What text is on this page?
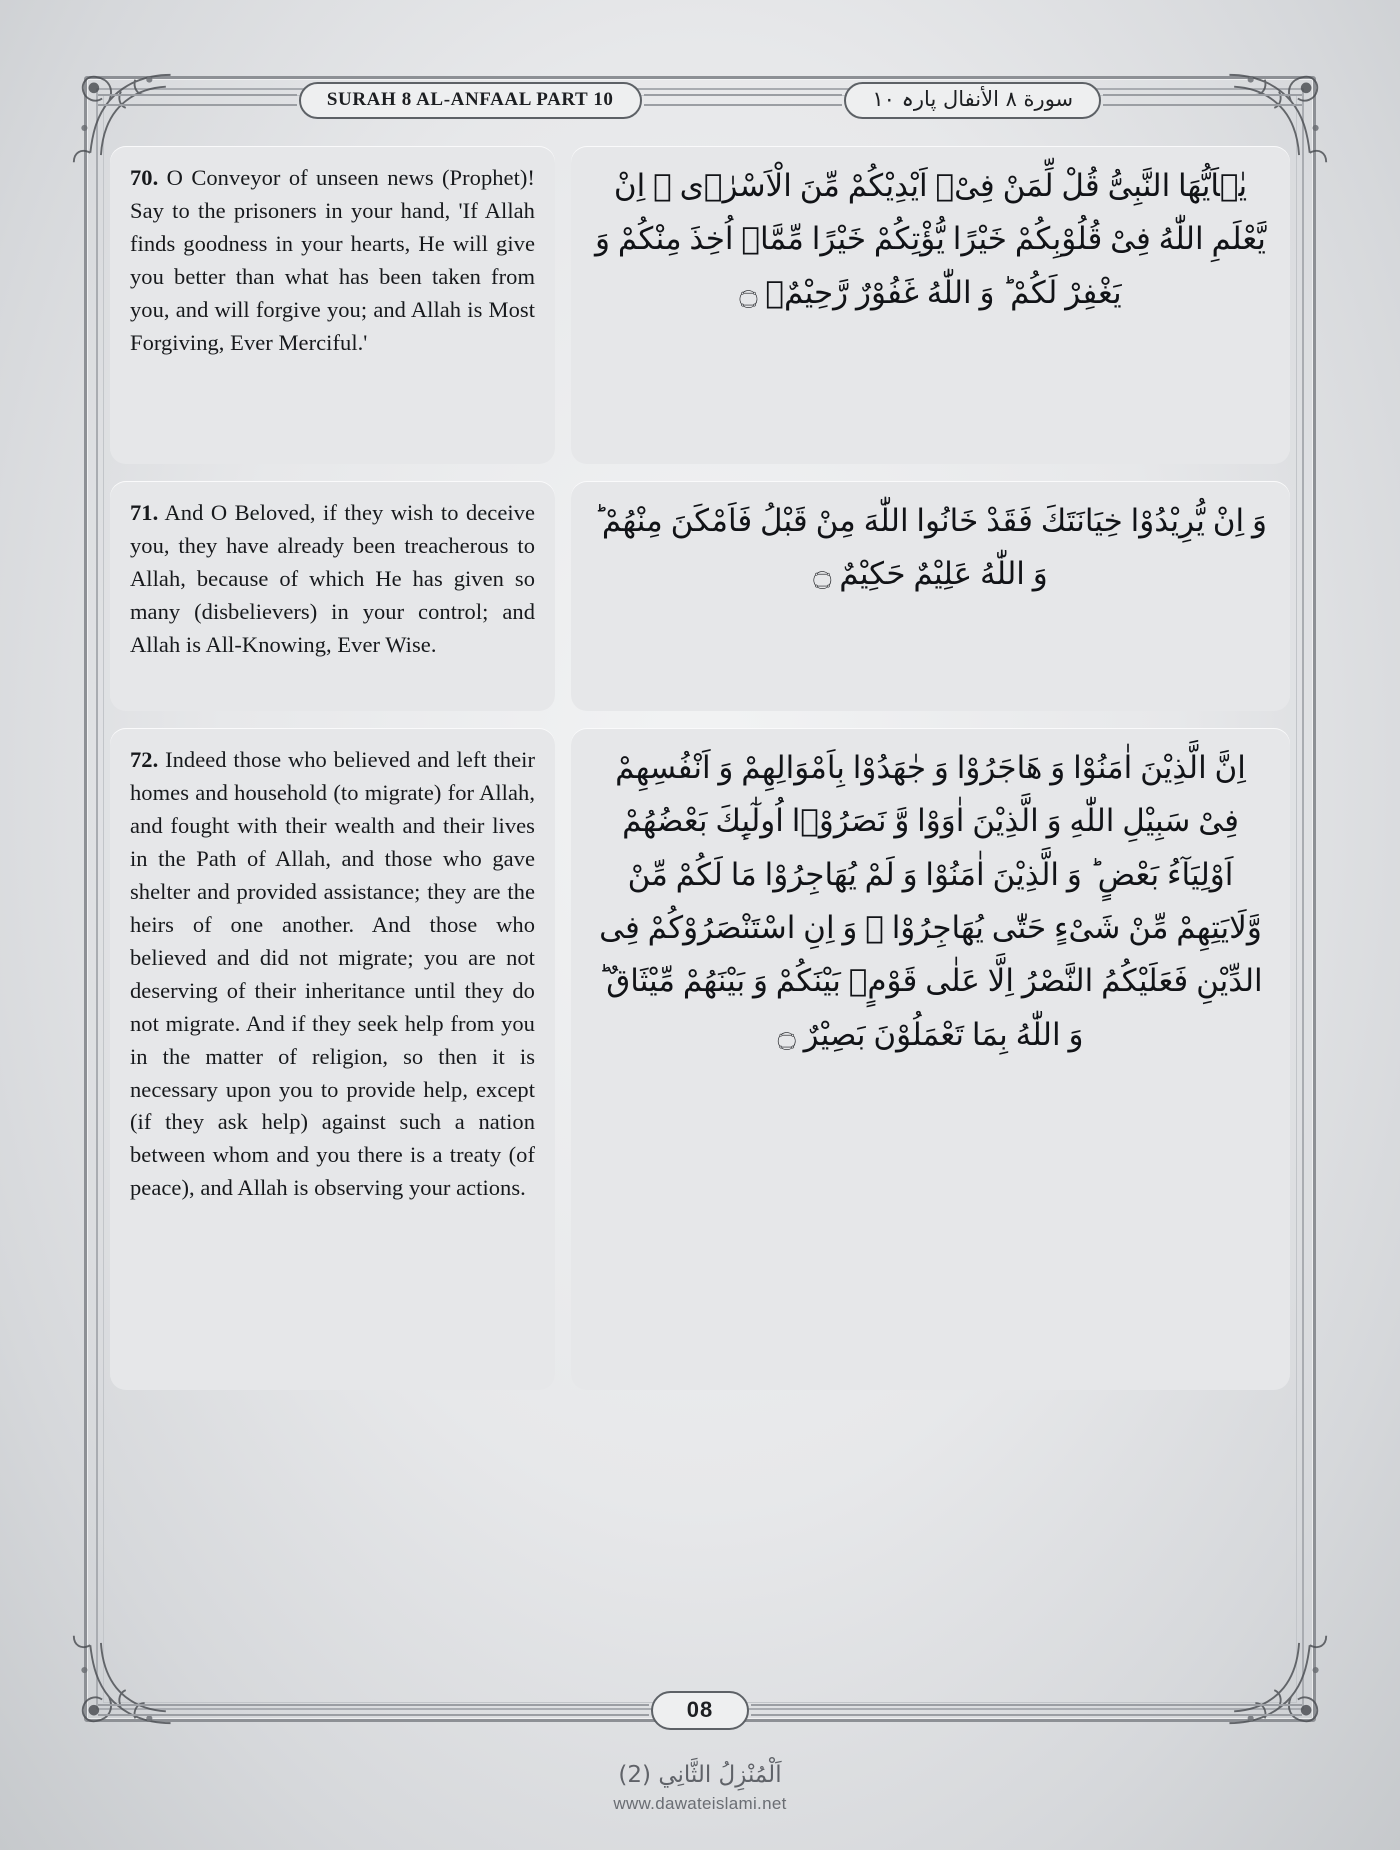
SURAH 8 AL-ANFAAL PART 10	سورة ٨ الأنفال پارہ ١٠
70. O Conveyor of unseen news (Prophet)! Say to the prisoners in your hand, 'If Allah finds goodness in your hearts, He will give you better than what has been taken from you, and will forgive you; and Allah is Most Forgiving, Ever Merciful.'
یٰۤاَیُّهَا النَّبِیُّ قُلْ لِّمَنْ فِیْۤ اَیْدِیْكُمْ مِّنَ الْاَسْرٰۤى ۙ اِنْ یَّعْلَمِ اللّٰهُ فِیْ قُلُوْبِكُمْ خَیْرًا یُّؤْتِكُمْ خَیْرًا مِّمَّاۤ اُخِذَ مِنْكُمْ وَ یَغْفِرْ لَكُمْ ؕ وَ اللّٰهُ غَفُوْرٌ رَّحِیْمٌ۠ ۝
71. And O Beloved, if they wish to deceive you, they have already been treacherous to Allah, because of which He has given so many (disbelievers) in your control; and Allah is All-Knowing, Ever Wise.
وَ اِنْ یُّرِیْدُوْا خِیَانَتَكَ فَقَدْ خَانُوا اللّٰهَ مِنْ قَبْلُ فَاَمْكَنَ مِنْهُمْ ؕ وَ اللّٰهُ عَلِیْمٌ حَكِیْمٌ ۝
72. Indeed those who believed and left their homes and household (to migrate) for Allah, and fought with their wealth and their lives in the Path of Allah, and those who gave shelter and provided assistance; they are the heirs of one another. And those who believed and did not migrate; you are not deserving of their inheritance until they do not migrate. And if they seek help from you in the matter of religion, so then it is necessary upon you to provide help, except (if they ask help) against such a nation between whom and you there is a treaty (of peace), and Allah is observing your actions.
اِنَّ الَّذِیْنَ اٰمَنُوْا وَ هَاجَرُوْا وَ جٰهَدُوْا بِاَمْوَالِهِمْ وَ اَنْفُسِهِمْ فِیْ سَبِیْلِ اللّٰهِ وَ الَّذِیْنَ اٰوَوْا وَّ نَصَرُوْۤا اُولٰٓىِٕكَ بَعْضُهُمْ اَوْلِیَآءُ بَعْضٍ ؕ وَ الَّذِیْنَ اٰمَنُوْا وَ لَمْ یُهَاجِرُوْا مَا لَكُمْ مِّنْ وَّلَایَتِهِمْ مِّنْ شَیْءٍ حَتّٰى یُهَاجِرُوْا ۚ وَ اِنِ اسْتَنْصَرُوْكُمْ فِی الدِّیْنِ فَعَلَیْكُمُ النَّصْرُ اِلَّا عَلٰى قَوْمٍۭ بَیْنَكُمْ وَ بَیْنَهُمْ مِّیْثَاقٌ ؕ وَ اللّٰهُ بِمَا تَعْمَلُوْنَ بَصِیْرٌ ۝
08
اَلْمُنْزِلُ الثَّانِي (2)
www.dawateislami.net
